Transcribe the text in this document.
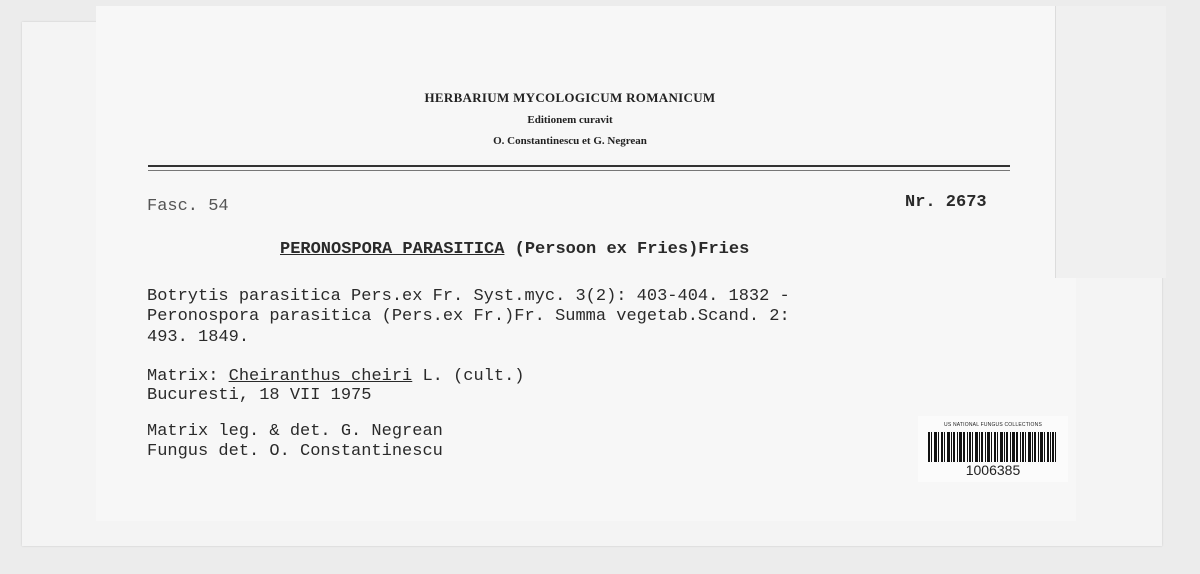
HERBARIUM MYCOLOGICUM ROMANICUM
Editionem curavit
O. Constantinescu et G. Negrean
Fasc. 54	Nr. 2673
PERONOSPORA PARASITICA (Persoon ex Fries)Fries
Botrytis parasitica Pers.ex Fr. Syst.myc. 3(2): 403-404. 1832 -
Peronospora parasitica (Pers.ex Fr.)Fr. Summa vegetab.Scand. 2:
493. 1849.
Matrix: Cheiranthus cheiri L. (cult.)
Bucuresti, 18 VII 1975
Matrix leg. & det. G. Negrean
Fungus det. O. Constantinescu
US NATIONAL FUNGUS COLLECTIONS
1006385
